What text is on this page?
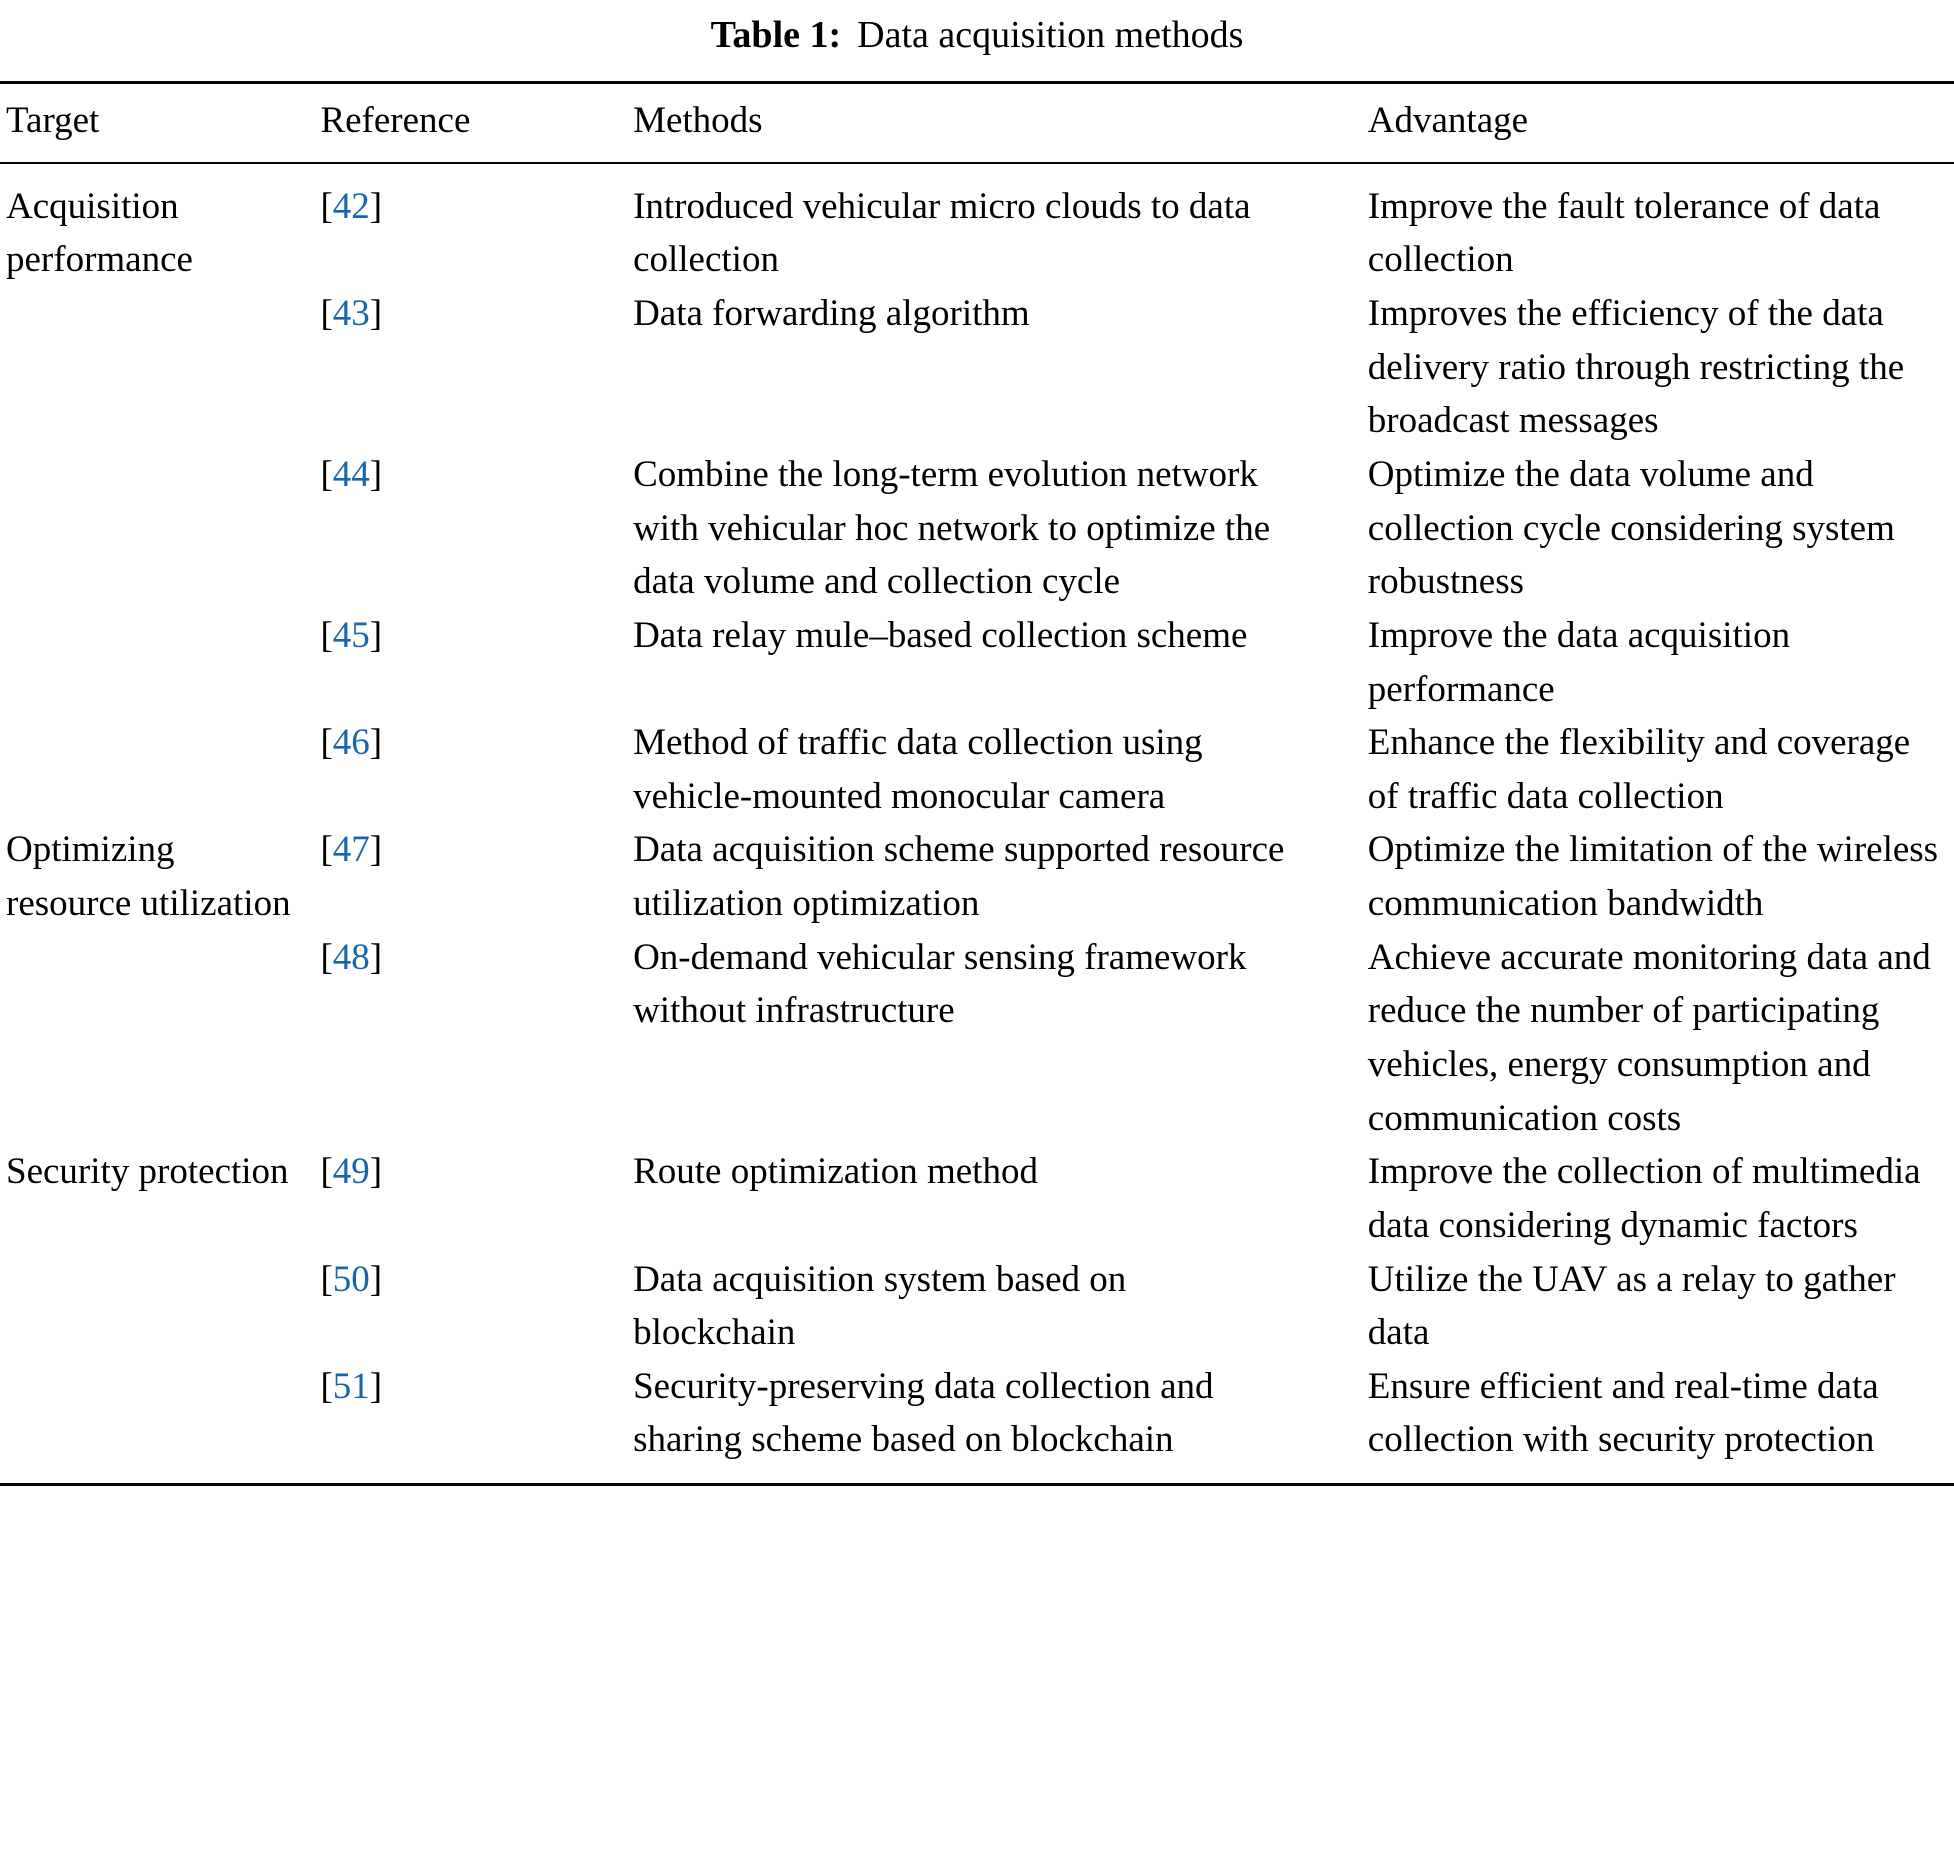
Table 1: Data acquisition methods
Target	Reference	Methods	Advantage
Acquisition performance	[42]	Introduced vehicular micro clouds to data collection	Improve the fault tolerance of data collection
	[43]	Data forwarding algorithm	Improves the efficiency of the data delivery ratio through restricting the broadcast messages
	[44]	Combine the long-term evolution network with vehicular hoc network to optimize the data volume and collection cycle	Optimize the data volume and collection cycle considering system robustness
	[45]	Data relay mule–based collection scheme	Improve the data acquisition performance
	[46]	Method of traffic data collection using vehicle-mounted monocular camera	Enhance the flexibility and coverage of traffic data collection
Optimizing resource utilization	[47]	Data acquisition scheme supported resource utilization optimization	Optimize the limitation of the wireless communication bandwidth
	[48]	On-demand vehicular sensing framework without infrastructure	Achieve accurate monitoring data and reduce the number of participating vehicles, energy consumption and communication costs
Security protection	[49]	Route optimization method	Improve the collection of multimedia data considering dynamic factors
	[50]	Data acquisition system based on blockchain	Utilize the UAV as a relay to gather data
	[51]	Security-preserving data collection and sharing scheme based on blockchain	Ensure efficient and real-time data collection with security protection
